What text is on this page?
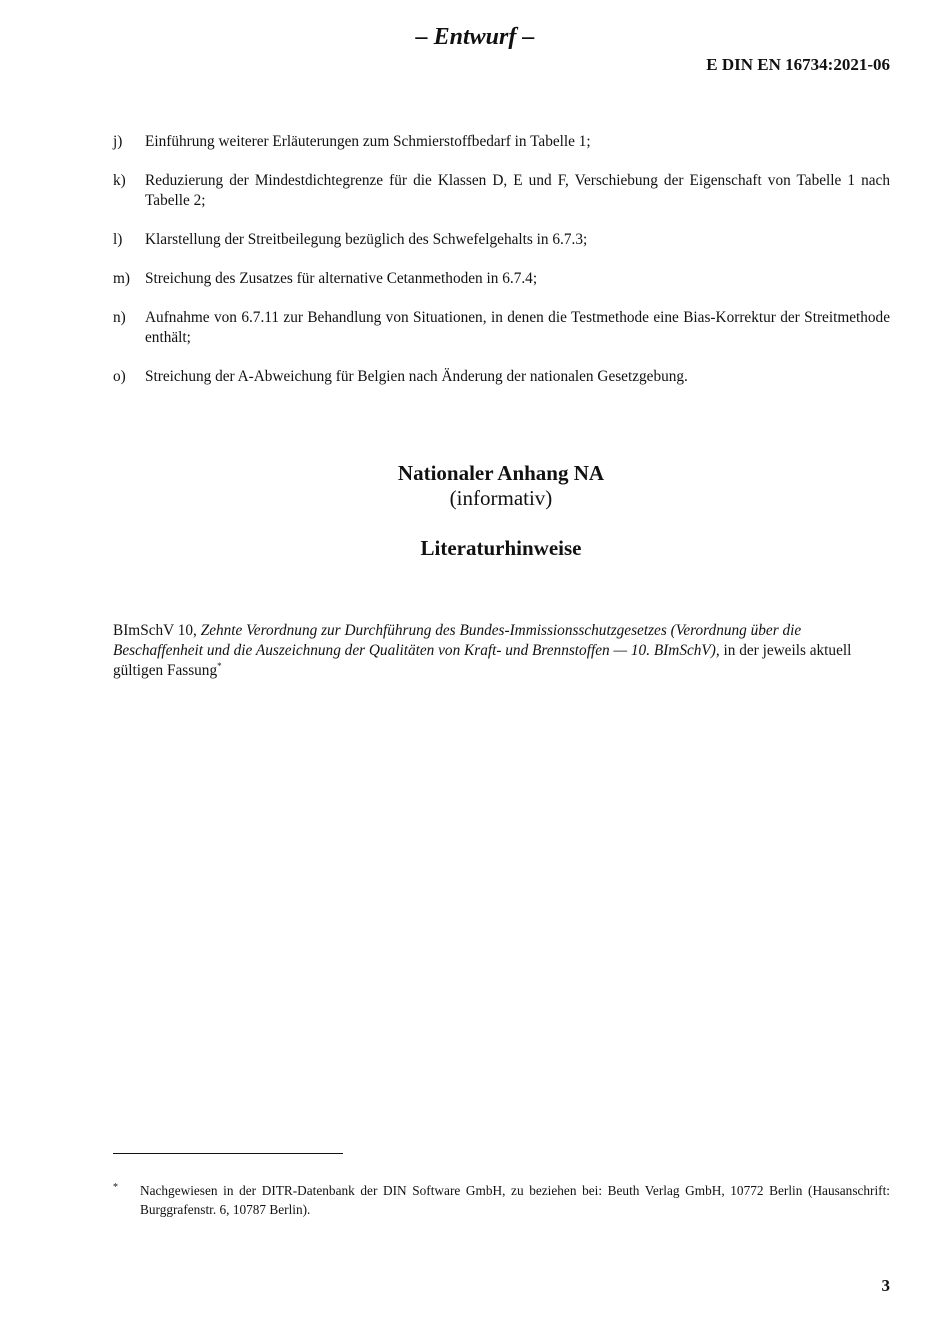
– Entwurf –
E DIN EN 16734:2021-06
j)	Einführung weiterer Erläuterungen zum Schmierstoffbedarf in Tabelle 1;
k)	Reduzierung der Mindestdichtegrenze für die Klassen D, E und F, Verschiebung der Eigenschaft von Tabelle 1 nach Tabelle 2;
l)	Klarstellung der Streitbeilegung bezüglich des Schwefelgehalts in 6.7.3;
m) Streichung des Zusatzes für alternative Cetanmethoden in 6.7.4;
n)	Aufnahme von 6.7.11 zur Behandlung von Situationen, in denen die Testmethode eine Bias-Korrektur der Streitmethode enthält;
o)	Streichung der A-Abweichung für Belgien nach Änderung der nationalen Gesetzgebung.
Nationaler Anhang NA
(informativ)
Literaturhinweise
BImSchV 10, Zehnte Verordnung zur Durchführung des Bundes-Immissionsschutzgesetzes (Verordnung über die Beschaffenheit und die Auszeichnung der Qualitäten von Kraft- und Brennstoffen — 10. BImSchV), in der jeweils aktuell gültigen Fassung*
*	Nachgewiesen in der DITR-Datenbank der DIN Software GmbH, zu beziehen bei: Beuth Verlag GmbH, 10772 Berlin (Hausanschrift: Burggrafenstr. 6, 10787 Berlin).
3
